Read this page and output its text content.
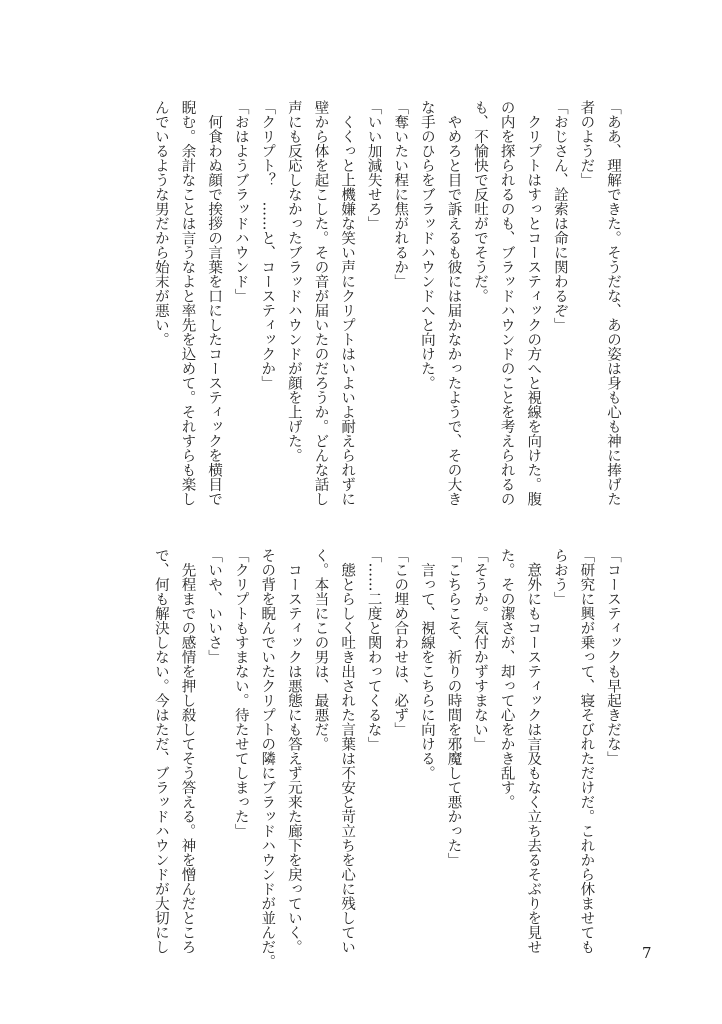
「ああ、理解できた。そうだな、あの姿は身も心も神に捧げた
者のようだ」
「おじさん、詮索は命に関わるぞ」
　クリプトはすっとコースティックの方へと視線を向けた。腹
の内を探られるのも、ブラッドハウンドのことを考えられるの
も、不愉快で反吐がでそうだ。
　やめろと目で訴えるも彼には届かなかったようで、その大き
な手のひらをブラッドハウンドへと向けた。
「奪いたい程に焦がれるか」
「いい加減失せろ」
　くくっと上機嫌な笑い声にクリプトはいよいよ耐えられずに
壁から体を起こした。その音が届いたのだろうか。どんな話し
声にも反応しなかったブラッドハウンドが顔を上げた。
「クリプト？　……と、コースティックか」
「おはようブラッドハウンド」
　何食わぬ顔で挨拶の言葉を口にしたコースティックを横目で
睨む。余計なことは言うなよと率先を込めて。それすらも楽し
んでいるような男だから始末が悪い。
「コースティックも早起きだな」
「研究に興が乗って、寝そびれただけだ。これから休ませても
らおう」
　意外にもコースティックは言及もなく立ち去るそぶりを見せ
た。その潔さが、却って心をかき乱す。
「そうか。気付かずすまない」
「こちらこそ、祈りの時間を邪魔して悪かった」
　言って、視線をこちらに向ける。
「この埋め合わせは、必ず」
「……二度と関わってくるな」
　態とらしく吐き出された言葉は不安と苛立ちを心に残してい
く。本当にこの男は、最悪だ。
　コースティックは悪態にも答えず元来た廊下を戻っていく。
その背を睨んでいたクリプトの隣にブラッドハウンドが並んだ。
「クリプトもすまない。待たせてしまった」
「いや、いいさ」
　先程までの感情を押し殺してそう答える。神を憎んだところ
で、何も解決しない。今はただ、ブラッドハウンドが大切にし	7
